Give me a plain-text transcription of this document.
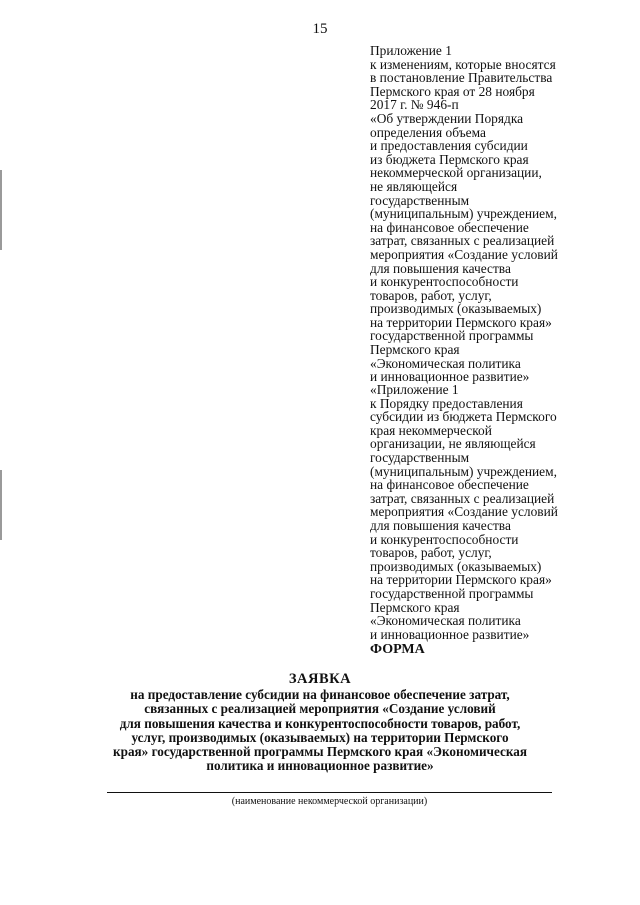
15
Приложение 1
к изменениям, которые вносятся
в постановление Правительства
Пермского края от 28 ноября
2017 г. № 946-п
«Об утверждении Порядка
определения объема
и предоставления субсидии
из бюджета Пермского края
некоммерческой организации,
не являющейся
государственным
(муниципальным) учреждением,
на финансовое обеспечение
затрат, связанных с реализацией
мероприятия «Создание условий
для повышения качества
и конкурентоспособности
товаров, работ, услуг,
производимых (оказываемых)
на территории Пермского края»
государственной программы
Пермского края
«Экономическая политика
и инновационное развитие»
«Приложение 1
к Порядку предоставления
субсидии из бюджета Пермского
края некоммерческой
организации, не являющейся
государственным
(муниципальным) учреждением,
на финансовое обеспечение
затрат, связанных с реализацией
мероприятия «Создание условий
для повышения качества
и конкурентоспособности
товаров, работ, услуг,
производимых (оказываемых)
на территории Пермского края»
государственной программы
Пермского края
«Экономическая политика
и инновационное развитие»
ФОРМА
ЗАЯВКА
на предоставление субсидии на финансовое обеспечение затрат,
связанных с реализацией мероприятия «Создание условий
для повышения качества и конкурентоспособности товаров, работ,
услуг, производимых (оказываемых) на территории Пермского
края» государственной программы Пермского края «Экономическая
политика и инновационное развитие»
(наименование некоммерческой организации)
